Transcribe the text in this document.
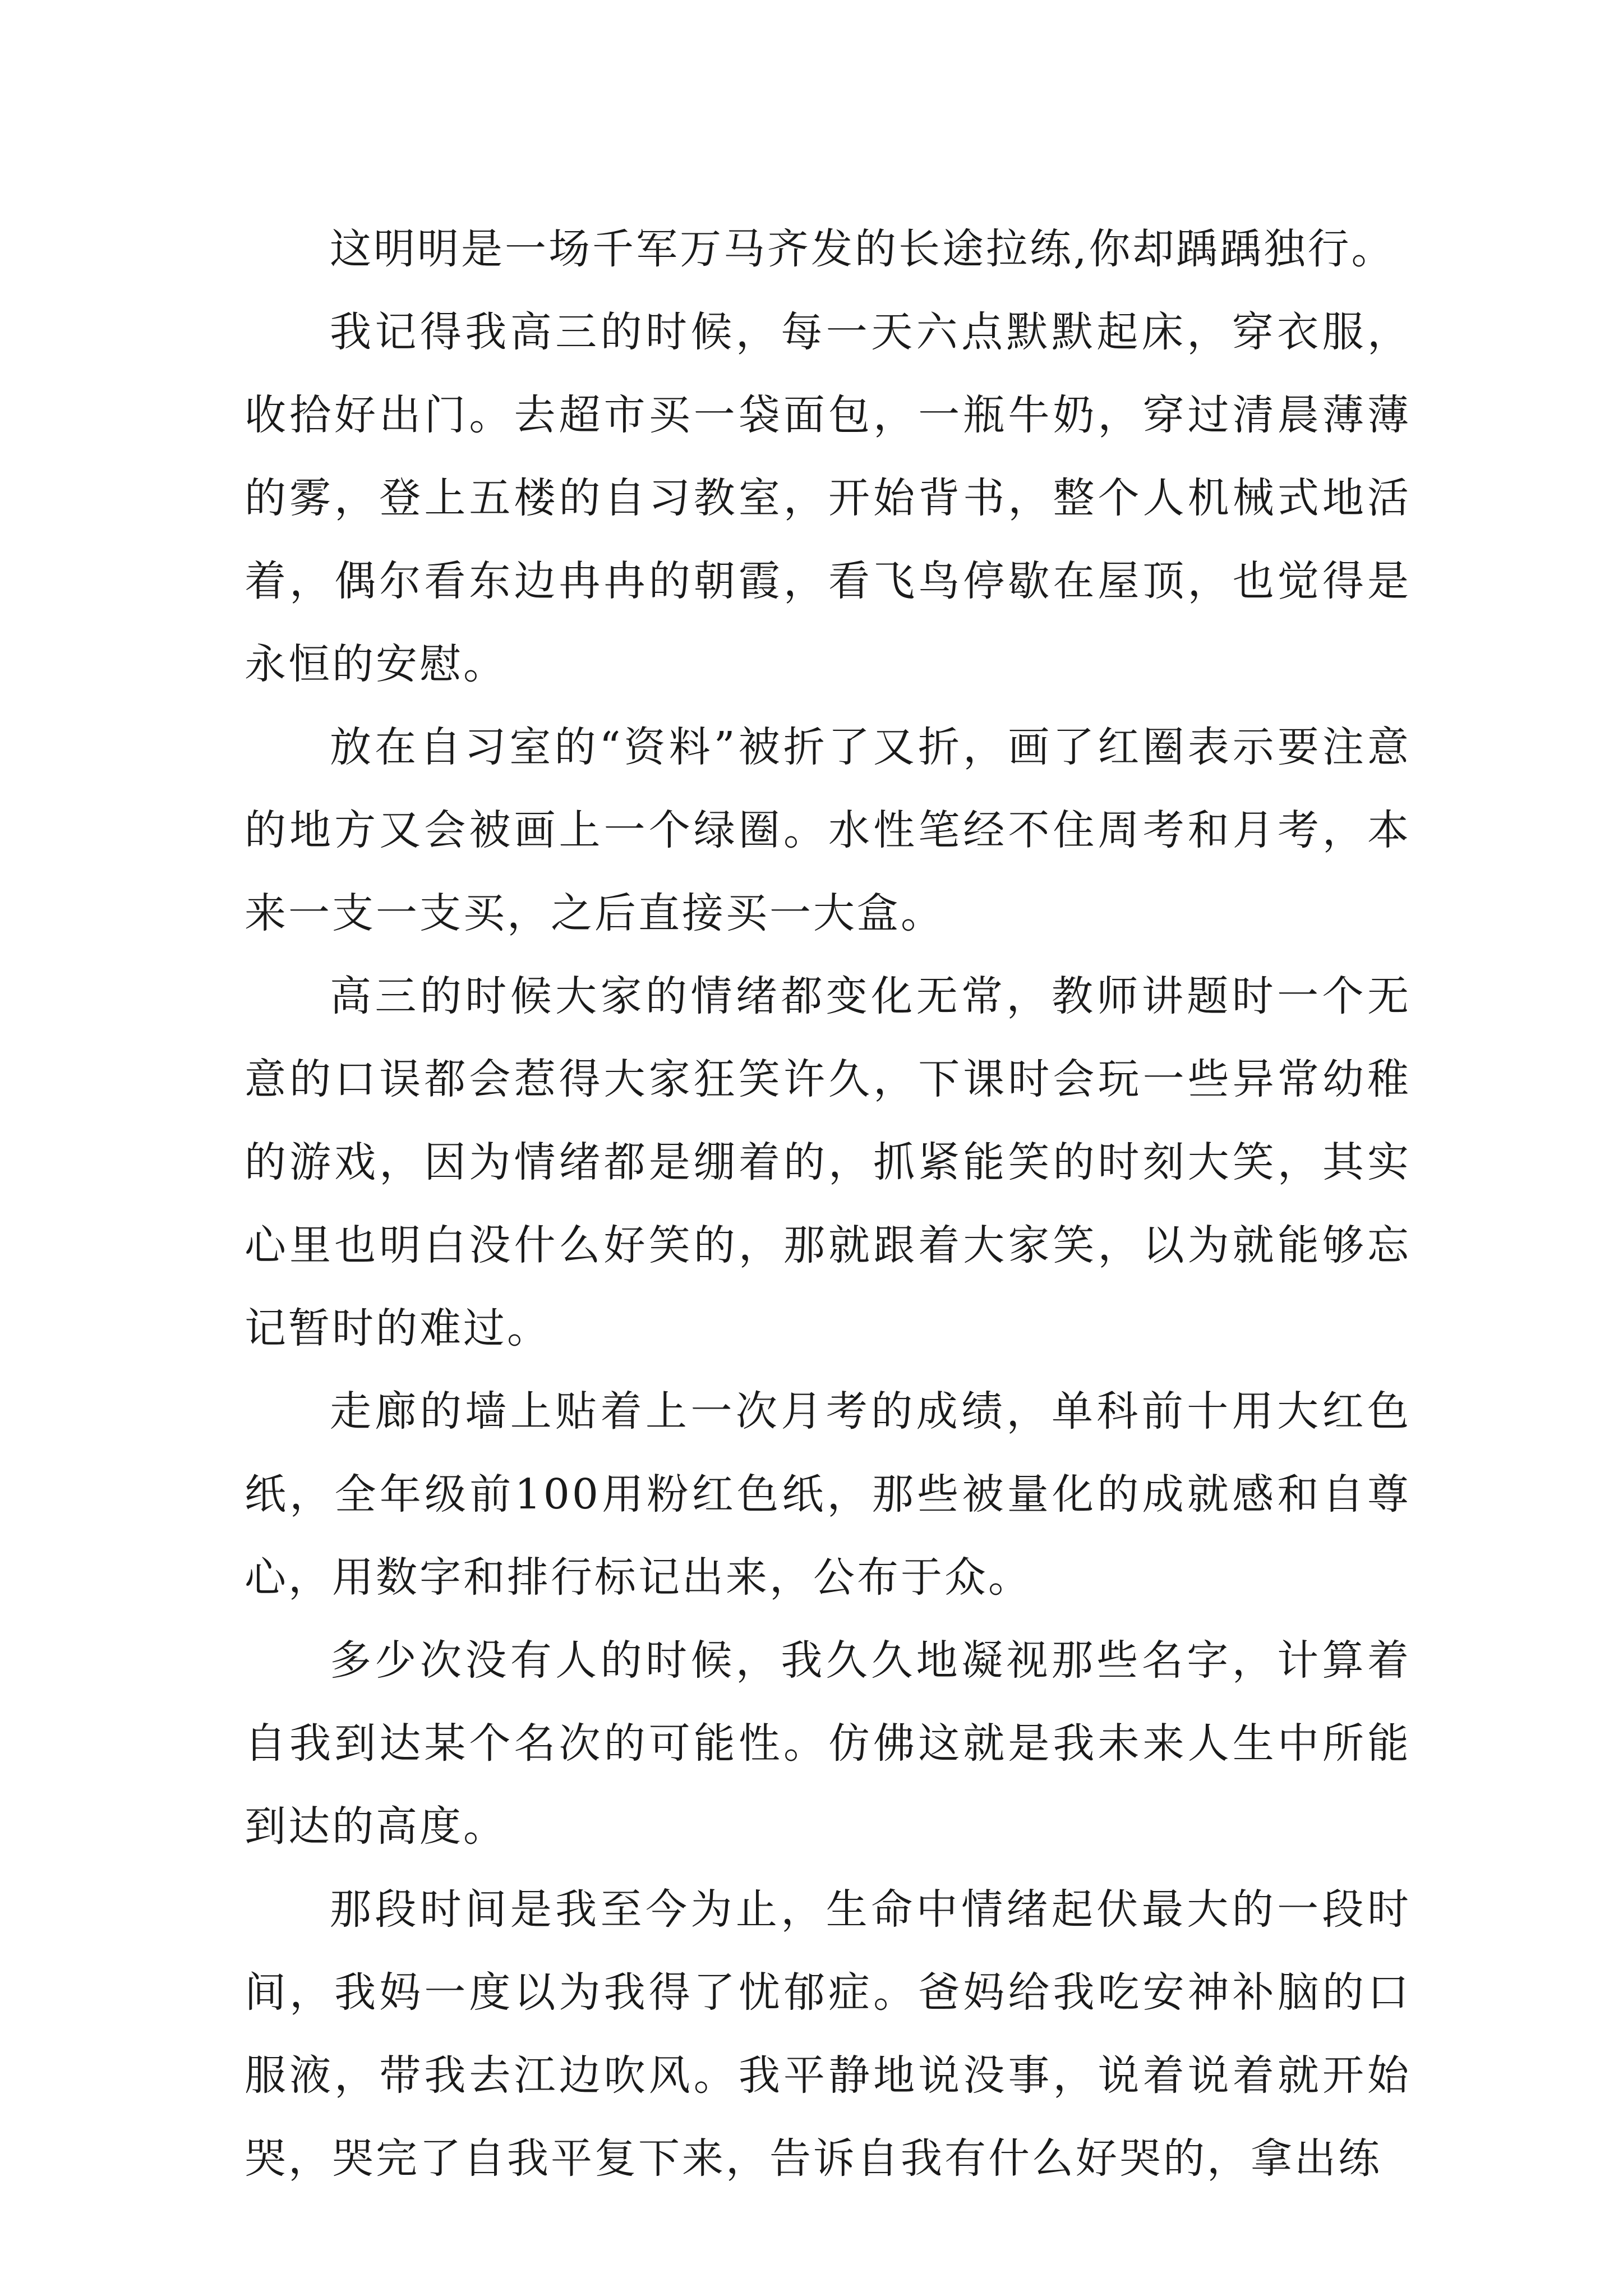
这明明是一场千军万马齐发的长途拉练,你却踽踽独行。

我记得我高三的时候，每一天六点默默起床，穿衣服，收拾好出门。去超市买一袋面包，一瓶牛奶，穿过清晨薄薄的雾，登上五楼的自习教室，开始背书，整个人机械式地活着，偶尔看东边冉冉的朝霞，看飞鸟停歇在屋顶，也觉得是永恒的安慰。

放在自习室的“资料”被折了又折，画了红圈表示要注意的地方又会被画上一个绿圈。水性笔经不住周考和月考，本来一支一支买，之后直接买一大盒。

高三的时候大家的情绪都变化无常，教师讲题时一个无意的口误都会惹得大家狂笑许久，下课时会玩一些异常幼稚的游戏，因为情绪都是绷着的，抓紧能笑的时刻大笑，其实心里也明白没什么好笑的，那就跟着大家笑，以为就能够忘记暂时的难过。

走廊的墙上贴着上一次月考的成绩，单科前十用大红色纸，全年级前100用粉红色纸，那些被量化的成就感和自尊心，用数字和排行标记出来，公布于众。

多少次没有人的时候，我久久地凝视那些名字，计算着自我到达某个名次的可能性。仿佛这就是我未来人生中所能到达的高度。

那段时间是我至今为止，生命中情绪起伏最大的一段时间，我妈一度以为我得了忧郁症。爸妈给我吃安神补脑的口服液，带我去江边吹风。我平静地说没事，说着说着就开始哭，哭完了自我平复下来，告诉自我有什么好哭的，拿出练
